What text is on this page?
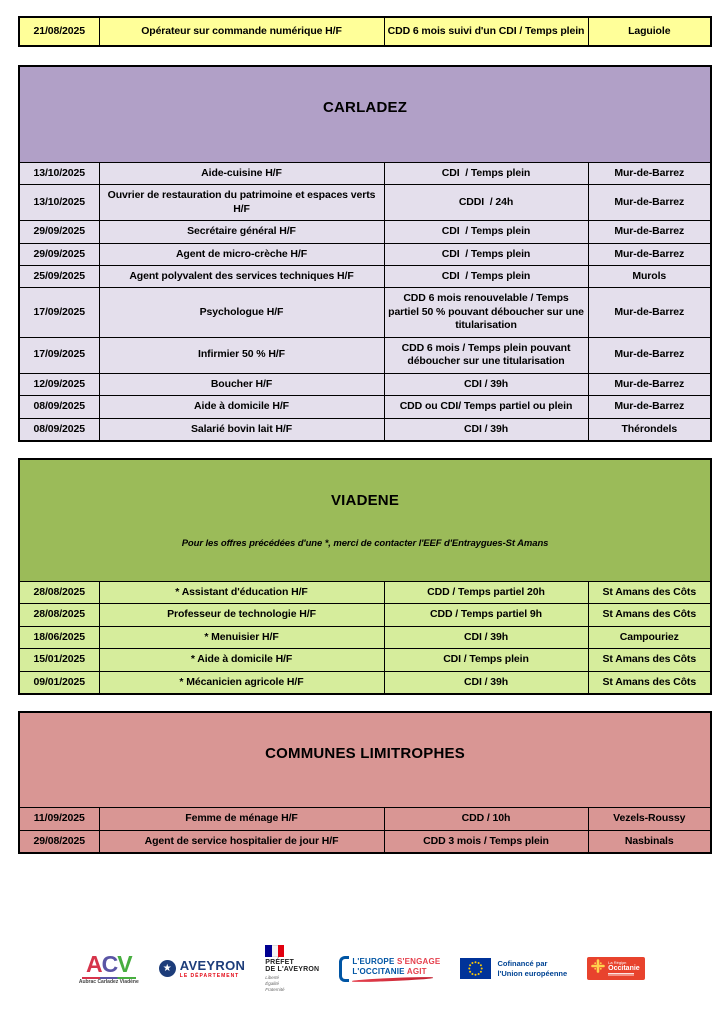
21/08/2025	Opérateur sur commande numérique H/F	CDD 6 mois suivi d'un CDI / Temps plein	Laguiole

CARLADEZ			

13/10/2025	Aide-cuisine H/F	CDI  / Temps plein	Mur-de-Barrez
13/10/2025	Ouvrier de restauration du patrimoine et espaces verts H/F	CDDI  / 24h	Mur-de-Barrez
29/09/2025	Secrétaire général H/F	CDI  / Temps plein	Mur-de-Barrez
29/09/2025	Agent de micro-crèche H/F	CDI  / Temps plein	Mur-de-Barrez
25/09/2025	Agent polyvalent des services techniques H/F	CDI  / Temps plein	Murols
17/09/2025	Psychologue H/F	CDD 6 mois renouvelable / Temps partiel 50 % pouvant déboucher sur une titularisation	Mur-de-Barrez
17/09/2025	Infirmier 50 % H/F	CDD 6 mois / Temps plein pouvant déboucher sur une titularisation	Mur-de-Barrez
12/09/2025	Boucher H/F	CDI / 39h	Mur-de-Barrez
08/09/2025	Aide à domicile H/F	CDD ou CDI/ Temps partiel ou plein	Mur-de-Barrez
08/09/2025	Salarié bovin lait H/F	CDI / 39h	Thérondels

VIADENE

Pour les offres précédées d'une *, merci de contacter l'EEF d'Entraygues-St Amans			

28/08/2025	* Assistant d'éducation H/F	CDD / Temps partiel 20h	St Amans des Côts
28/08/2025	Professeur de technologie H/F	CDD / Temps partiel 9h	St Amans des Côts
18/06/2025	* Menuisier H/F	CDI / 39h	Campouriez
15/01/2025	* Aide à domicile H/F	CDI / Temps plein	St Amans des Côts
09/01/2025	* Mécanicien agricole H/F	CDI / 39h	St Amans des Côts

COMMUNES LIMITROPHES			

11/09/2025	Femme de ménage H/F	CDD / 10h	Vezels-Roussy
29/08/2025	Agent de service hospitalier de jour H/F	CDD 3 mois / Temps plein	Nasbinals
ACV
Aubrac Carladez Viadène
★ AVEYRON
LE DÉPARTEMENT
PRÉFET
DE L'AVEYRON
Liberté
Égalité
Fraternité
L'EUROPE S'ENGAGE
L'OCCITANIE AGIT
Cofinancé par
l'Union européenne
La Région
Occitanie
